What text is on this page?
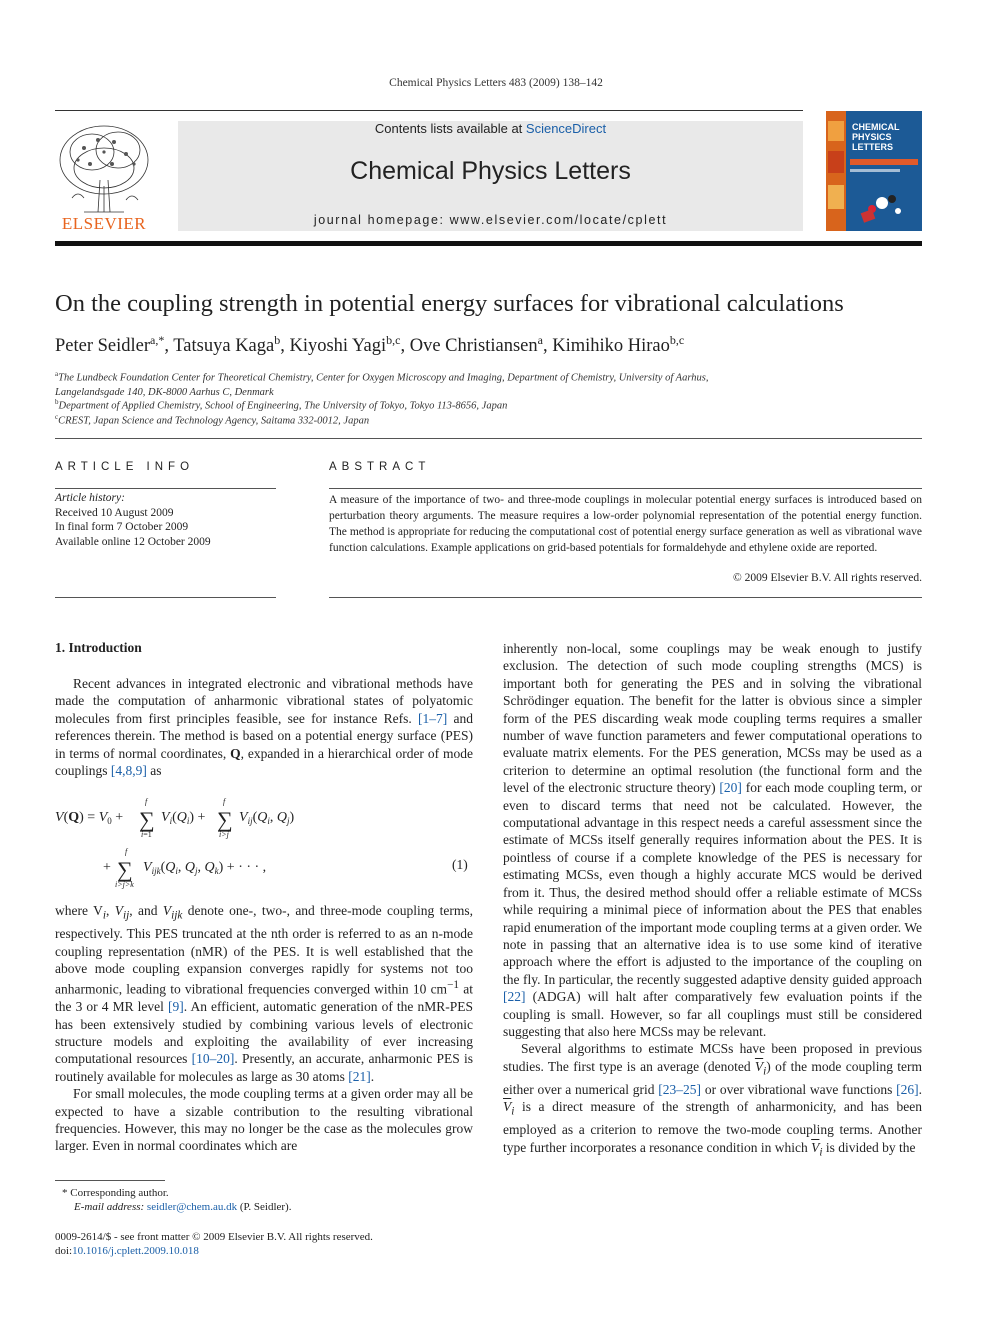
Chemical Physics Letters 483 (2009) 138–142
ELSEVIER
Contents lists available at ScienceDirect
Chemical Physics Letters
journal homepage: www.elsevier.com/locate/cplett
CHEMICAL
PHYSICS
LETTERS
On the coupling strength in potential energy surfaces for vibrational calculations
Peter Seidler$^{a,*}$, Tatsuya Kaga$^b$, Kiyoshi Yagi$^{b,c}$, Ove Christiansen$^a$, Kimihiko Hirao$^{b,c}$
$^a$The Lundbeck Foundation Center for Theoretical Chemistry, Center for Oxygen Microscopy and Imaging, Department of Chemistry, University of Aarhus,
Langelandsgade 140, DK-8000 Aarhus C, Denmark
$^b$Department of Applied Chemistry, School of Engineering, The University of Tokyo, Tokyo 113-8656, Japan
$^c$CREST, Japan Science and Technology Agency, Saitama 332-0012, Japan
ARTICLE INFO
Article history:
Received 10 August 2009
In final form 7 October 2009
Available online 12 October 2009
ABSTRACT
A measure of the importance of two- and three-mode couplings in molecular potential energy surfaces is introduced based on perturbation theory arguments. The measure requires a low-order polynomial representation of the potential energy function. The method is appropriate for reducing the computational cost of potential energy surface generation as well as vibrational wave function calculations. Example applications on grid-based potentials for formaldehyde and ethylene oxide are reported.
© 2009 Elsevier B.V. All rights reserved.
1. Introduction

Recent advances in integrated electronic and vibrational methods have made the computation of anharmonic vibrational states of polyatomic molecules from first principles feasible, see for instance Refs. [1–7] and references therein. The method is based on a potential energy surface (PES) in terms of normal coordinates, Q, expanded in a hierarchical order of mode couplings [4,8,9] as

$V(Q) = V_0$ + ∑
f
i=1
$V_i(Q_i)$ + ∑
f
i>j
$V_{ij}(Q_i$, $Q_j$)
+ ∑
f
i>j>k
$V_{ijk}(Q_i$, $Q_j$, $Q_k$) + · · · ,	(1)

where $V_i$, $V_{ij}$, and $V_{ijk}$ denote one-, two-, and three-mode coupling terms, respectively. This PES truncated at the nth order is referred to as an n-mode coupling representation (nMR) of the PES. It is well established that the above mode coupling expansion converges rapidly for systems not too anharmonic, leading to vibrational frequencies converged within 10 $cm^{-1}$ at the 3 or 4 MR level [9]. An efficient, automatic generation of the nMR-PES has been extensively studied by combining various levels of electronic structure models and exploiting the availability of ever increasing computational resources [10–20]. Presently, an accurate, anharmonic PES is routinely available for molecules as large as 30 atoms [21].

For small molecules, the mode coupling terms at a given order may all be expected to have a sizable contribution to the resulting vibrational frequencies. However, this may no longer be the case as the molecules grow larger. Even in normal coordinates which are

inherently non-local, some couplings may be weak enough to justify exclusion. The detection of such mode coupling strengths (MCS) is important both for generating the PES and in solving the vibrational Schrödinger equation. The benefit for the latter is obvious since a simpler form of the PES discarding weak mode coupling terms requires a smaller number of wave function parameters and fewer computational operations to evaluate matrix elements. For the PES generation, MCSs may be used as a criterion to determine an optimal resolution (the functional form and the level of the electronic structure theory) [20] for each mode coupling term, or even to discard terms that need not be calculated. However, the computational advantage in this respect needs a careful assessment since the estimate of MCSs itself generally requires information about the PES. It is pointless of course if a complete knowledge of the PES is necessary for estimating MCSs, even though a highly accurate MCS would be derived from it. Thus, the desired method should offer a reliable estimate of MCSs while requiring a minimal piece of information about the PES that enables rapid enumeration of the important mode coupling terms at a given order. We note in passing that an alternative idea is to use some kind of iterative approach where the effort is adjusted to the importance of the coupling on the fly. In particular, the recently suggested adaptive density guided approach [22] (ADGA) will halt after comparatively few evaluation points if the coupling is small. However, so far all couplings must still be considered suggesting that also here MCSs may be relevant.

Several algorithms to estimate MCSs have been proposed in previous studies. The first type is an average (denoted $\overline{V}_i$) of the mode coupling term either over a numerical grid [23–25] or over vibrational wave functions [26]. $\overline{V}_i$ is a direct measure of the strength of anharmonicity, and has been employed as a criterion to remove the two-mode coupling terms. Another type further incorporates a resonance condition in which $\overline{V}_i$ is divided by the

* Corresponding author.
E-mail address: seidler@chem.au.dk (P. Seidler).
0009-2614/$ - see front matter © 2009 Elsevier B.V. All rights reserved.
doi:10.1016/j.cplett.2009.10.018
